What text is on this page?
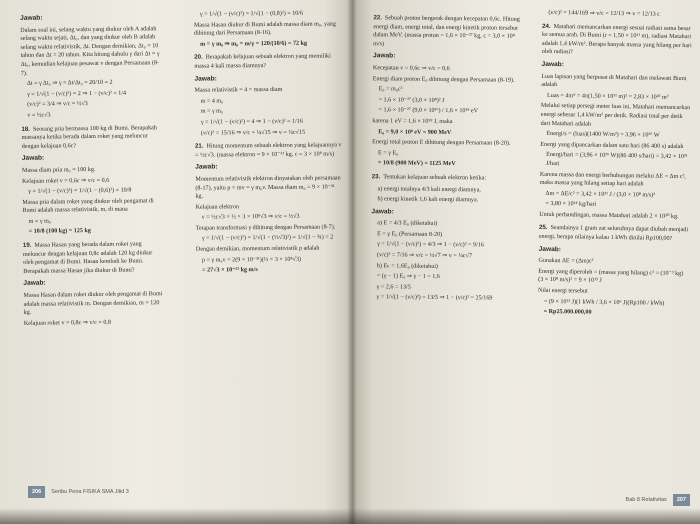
Jawab:

Dalam soal ini, selang waktu yang diukur oleh A adalah selang waktu sejati, Δt₀, dan yang diukur oleh B adalah selang waktu relativistik, Δt. Dengan demikian, Δt₀ = 10 tahun dan Δt = 20 tahun. Kita hitung dahulu γ dari Δt = γ Δt₀, kemudian kelajuan pesawat v dengan Persamaan (8-7).

Δt = γ Δt₀ ⇒ γ = Δt/Δt₀ = 20/10 = 2

γ = 1/√(1 − (v/c)²) = 2 ⇒ 1 − (v/c)² = 1/4

(v/c)² = 3/4 ⇒ v/c = ½√3

v = ½c√3

18. Seorang pria bermassa 100 kg di Bumi. Berapakah massanya ketika berada dalam roket yang meluncur dengan kelajuan 0,6c?

Jawab:

Massa diam pria m₀ = 100 kg.

Kelajuan roket v = 0,6c ⇒ v/c = 0,6

γ = 1/√(1 − (v/c)²) = 1/√(1 − (0,6)²) = 10/8

Massa pria dalam roket yang diukur oleh pengamat di Bumi adalah massa relativistik, m, di mana

m = γ m₀

= 10/8 (100 kg) = 125 kg

19. Massa Hasan yang berada dalam roket yang meluncur dengan kelajuan 0,8c adalah 120 kg diukur oleh pengamat di Bumi. Hasan kembali ke Bumi. Berapakah massa Hasan jika diukur di Bumi?

Jawab:

Massa Hasan dalam roket diukur oleh pengamat di Bumi adalah massa relativistik m. Dengan demikian, m = 120 kg.

Kelajuan roket v = 0,8c ⇒ v/c = 0,8

γ = 1/√(1 − (v/c)²) = 1/√(1 − (0,8)²) = 10/6

Massa Hasan diukur di Bumi adalah massa diam m₀, yang dihitung dari Persamaan (8-16).

m = γ m₀ ⇒ m₀ = m/γ = 120/(10/6) = 72 kg

20. Berapakah kelajuan sebuah elektron yang memiliki massa 4 kali massa diamnya?

Jawab:

Massa relativistik = 4 × massa diam

m = 4 m₀

m = γ m₀

γ = 1/√(1 − (v/c)²) = 4 ⇒ 1 − (v/c)² = 1/16

(v/c)² = 15/16 ⇒ v/c = ¼√15 ⇒ v = ¼c√15

21. Hitung momentum sebuah elektron yang kelajuannya v = ½c√3. (massa elektron = 9 × 10⁻³¹ kg, c = 3 × 10⁸ m/s)

Jawab:

Momentum relativistik elektron dinyatakan oleh persamaan (8-17), yaitu p = mv = γ m₀v. Massa diam m₀ = 9 × 10⁻³¹ kg.

Kelajuan elektron

v = ½c√3 = ½ × 3 × 10⁸√3 ⇒ v/c = ½√3

Tetapan transformasi γ dihitung dengan Persamaan (8-7).

γ = 1/√(1 − (v/c)²) = 1/√(1 − (½√3)²) = 1/√(1 − ¾) = 2

Dengan demikian, momentum relativistik p adalah

p = γ m₀v = 2(9 × 10⁻³¹)(½ × 3 × 10⁸√3)

= 27√3 × 10⁻²³ kg m/s

206 Seribu Pena FISIKA SMA Jilid 3

22. Sebuah proton bergerak dengan kecepatan 0,6c. Hitung energi diam, energi total, dan energi kinetik proton tersebut dalam MeV. (massa proton = 1,6 × 10⁻²⁷ kg, c = 3,0 × 10⁸ m/s)

Jawab:

Kecepatan v = 0,6c ⇒ v/c = 0,6

Energi diam proton E₀ dihitung dengan Persamaan (8-19).

E₀ = m₀c²

= 1,6 × 10⁻²⁷ (3,0 × 10⁸)² J

= 1,6 × 10⁻²⁷ (9,0 × 10¹⁶) / 1,6 × 10¹⁹ eV

karena 1 eV = 1,6 × 10¹⁹ J, maka

E₀ = 9,0 × 10⁸ eV = 900 MeV

Energi total proton E dihitung dengan Persamaan (8-20).

E = γ E₀

= 10/8 (900 MeV) = 1125 MeV

23. Tentukan kelajuan sebuah elektron ketika:

a) energi totalnya 4/3 kali energi diamnya,

b) energi kinetik 1,6 kali energi diamnya.

Jawab:

a) E = 4/3 E₀ (diketahui)

E = γ E₀ (Persamaan 8-20)

γ = 1/√(1 − (v/c)²) = 4/3 ⇒ 1 − (v/c)² = 9/16

(v/c)² = 7/16 ⇒ v/c = ¼√7 ⇒ v = ¼c√7

b) Eₖ = 1,6E₀ (diketahui)

= (γ − 1) E₀ ⇒ γ − 1 = 1,6

γ = 2,6 = 13/5

γ = 1/√(1 − (v/c)²) = 13/5 ⇒ 1 − (v/c)² = 25/169

(v/c)² = 144/169 ⇒ v/c = 12/13 ⇒ v = 12/13 c

24. Matahari memancarkan energi sesuai radiasi sama besar ke semua arah. Di Bumi (r = 1,50 × 10¹¹ m), radiasi Matahari adalah 1,4 kW/m². Berapa banyak massa yang hilang per hari oleh radiasi?

Jawab:

Luas lapisan yang berpusat di Matahari dan melawati Bumi adalah

Luas = 4πr² = 4π(1,50 × 10¹¹ m)² = 2,83 × 10²³ m²

Melalui setiap persegi meter luas ini, Matahari memancarkan energi sebesar 1,4 kW/m² per detik. Radiasi total per detik dari Matahari adalah

Energi/s = (luas)(1400 W/m²) = 3,96 × 10²⁶ W

Energi yang dipancarkan dalam satu hari (86 400 s) adalah

Energi/hari = (3,96 × 10²⁶ W)(86 400 s/hari) = 3,42 × 10³¹ J/hari

Karena massa dan energi berhubungan melalui ΔE = Δm c², maka massa yang hilang setiap hari adalah

Δm = ΔE/c² = 3,42 × 10³¹ J / (3,0 × 10⁸ m/s)²

= 3,80 × 10¹⁴ kg/hari

Untuk perbandingan, massa Matahari adalah 2 × 10³⁰ kg.

25. Seandainya 1 gram zat seluruhnya dapat diubah menjadi energi, berapa nilainya kalau 1 kWh dinilai Rp100,00?

Jawab:

Gunakan ΔE = (Δm)c²

Energi yang diperoleh = (massa yang hilang) c² = (10⁻³ kg)(3 × 10⁸ m/s)² = 9 × 10¹³ J

Nilai energi tersebut

= (9 × 10¹³ J)(1 kWh / 3,6 × 10⁶ J)(Rp100 / kWh)

= Rp25.000.000,00

Bab 8 Relativitas 207
